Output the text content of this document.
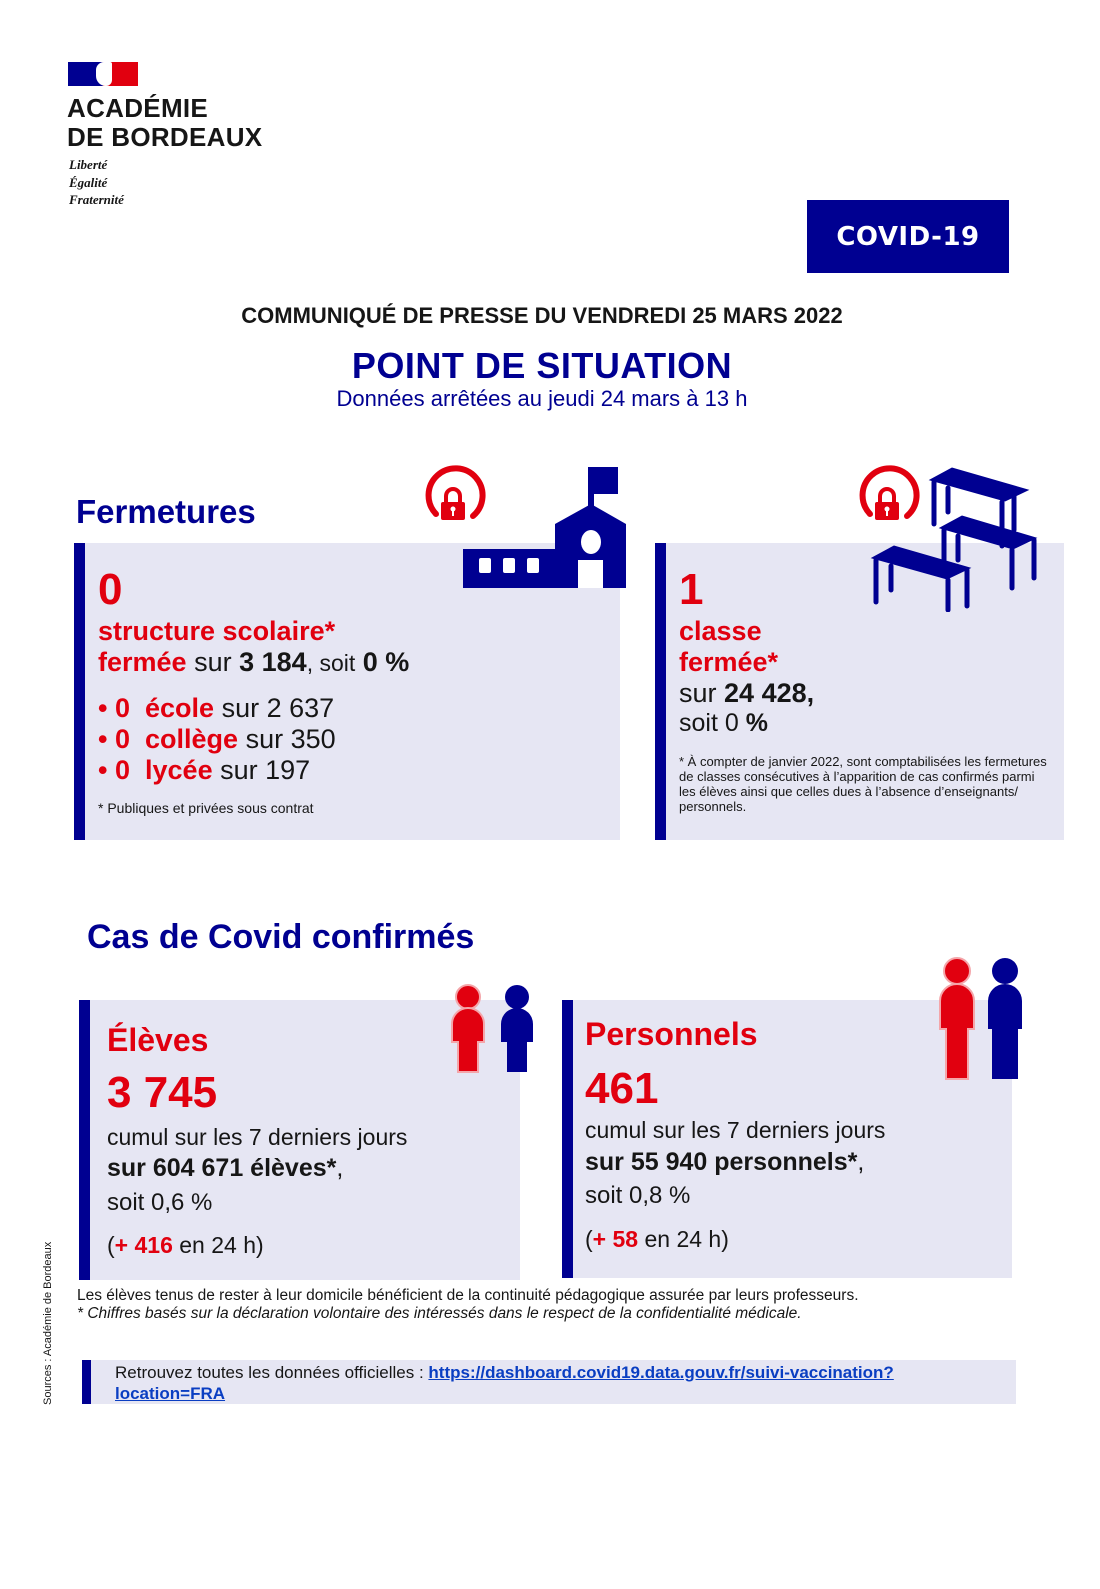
ACADÉMIE
DE BORDEAUX
Liberté
Égalité
Fraternité
COVID-19
COMMUNIQUÉ DE PRESSE DU VENDREDI 25 MARS 2022
POINT DE SITUATION
Données arrêtées au jeudi 24 mars à 13 h
Fermetures
0
structure scolaire*
fermée sur 3 184, soit 0 %
• 0 école sur 2 637
• 0 collège sur 350
• 0 lycée sur 197
* Publiques et privées sous contrat
1
classe
fermée*
sur 24 428,
soit 0 %
* À compter de janvier 2022, sont comptabilisées les fermetures de classes consécutives à l’apparition de cas confirmés parmi les élèves ainsi que celles dues à l’absence d’enseignants/ personnels.
Cas de Covid confirmés
Élèves
3 745
cumul sur les 7 derniers jours
sur 604 671 élèves*,
soit 0,6 %
(+ 416 en 24 h)
Personnels
461
cumul sur les 7 derniers jours
sur 55 940 personnels*,
soit 0,8 %
(+ 58 en 24 h)
Les élèves tenus de rester à leur domicile bénéficient de la continuité pédagogique assurée par leurs professeurs.
* Chiffres basés sur la déclaration volontaire des intéressés dans le respect de la confidentialité médicale.
Retrouvez toutes les données officielles : https://dashboard.covid19.data.gouv.fr/suivi-vaccination?location=FRA
Sources : Académie de Bordeaux
